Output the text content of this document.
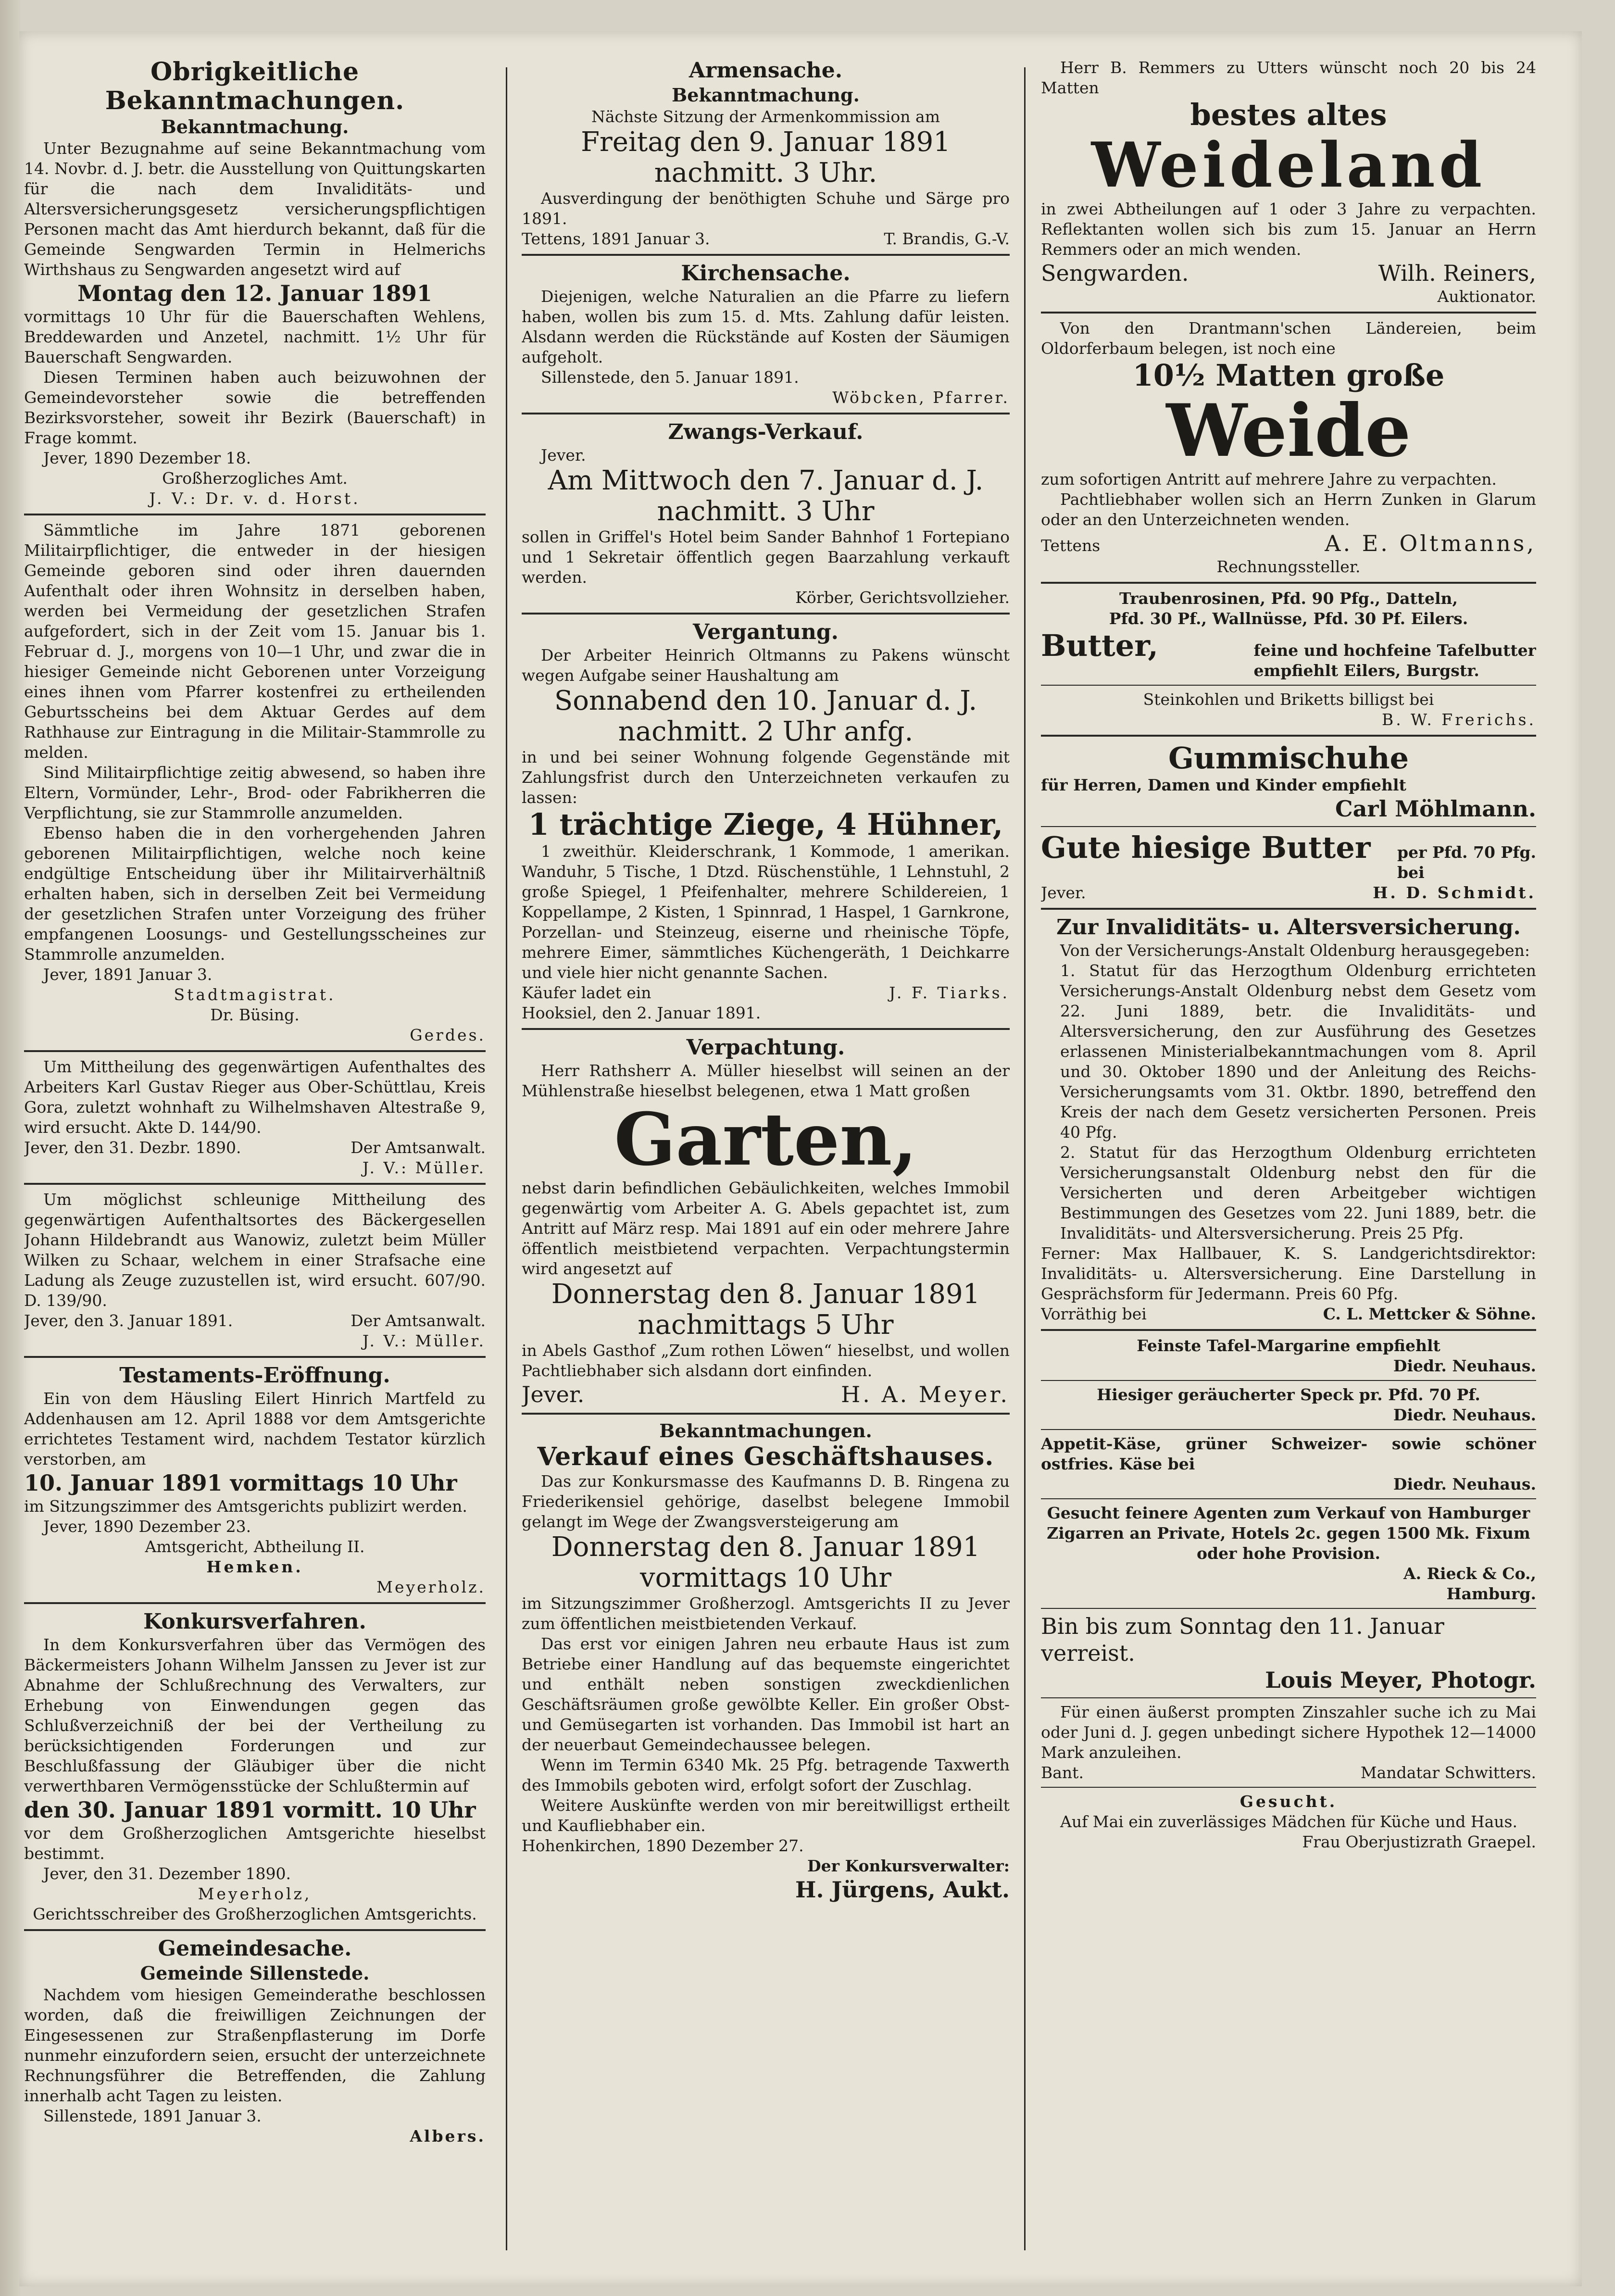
Obrigkeitliche Bekanntmachungen.
Bekanntmachung.
Unter Bezugnahme auf seine Bekanntmachung vom 14. Novbr. d. J. betr. die Ausstellung von Quittungskarten für die nach dem Invaliditäts- und Altersversicherungsgesetz versicherungspflichtigen Personen macht das Amt hierdurch bekannt, daß für die Gemeinde Sengwarden Termin in Helmerichs Wirthshaus zu Sengwarden angesetzt wird auf
Montag den 12. Januar 1891
vormittags 10 Uhr für die Bauerschaften Wehlens, Breddewarden und Anzetel, nachmitt. 1½ Uhr für Bauerschaft Sengwarden.
Diesen Terminen haben auch beizuwohnen der Gemeindevorsteher sowie die betreffenden Bezirksvorsteher, soweit ihr Bezirk (Bauerschaft) in Frage kommt.
Jever, 1890 Dezember 18.
Großherzogliches Amt.
J. V.: Dr. v. d. Horst.
Sämmtliche im Jahre 1871 geborenen Militairpflichtiger, die entweder in der hiesigen Gemeinde geboren sind oder ihren dauernden Aufenthalt oder ihren Wohnsitz in derselben haben, werden bei Vermeidung der gesetzlichen Strafen aufgefordert, sich in der Zeit vom 15. Januar bis 1. Februar d. J., morgens von 10—1 Uhr, und zwar die in hiesiger Gemeinde nicht Geborenen unter Vorzeigung eines ihnen vom Pfarrer kostenfrei zu ertheilenden Geburtsscheins bei dem Aktuar Gerdes auf dem Rathhause zur Eintragung in die Militair-Stammrolle zu melden.
Sind Militairpflichtige zeitig abwesend, so haben ihre Eltern, Vormünder, Lehr-, Brod- oder Fabrikherren die Verpflichtung, sie zur Stammrolle anzumelden.
Ebenso haben die in den vorhergehenden Jahren geborenen Militairpflichtigen, welche noch keine endgültige Entscheidung über ihr Militairverhältniß erhalten haben, sich in derselben Zeit bei Vermeidung der gesetzlichen Strafen unter Vorzeigung des früher empfangenen Loosungs- und Gestellungsscheines zur Stammrolle anzumelden.
Jever, 1891 Januar 3.
Stadtmagistrat.
Dr. Büsing.
Gerdes.
Um Mittheilung des gegenwärtigen Aufenthaltes des Arbeiters Karl Gustav Rieger aus Ober-Schüttlau, Kreis Gora, zuletzt wohnhaft zu Wilhelmshaven Altestraße 9, wird ersucht. Akte D. 144/90.
Jever, den 31. Dezbr. 1890.	Der Amtsanwalt.
J. V.: Müller.
Um möglichst schleunige Mittheilung des gegenwärtigen Aufenthaltsortes des Bäckergesellen Johann Hildebrandt aus Wanowiz, zuletzt beim Müller Wilken zu Schaar, welchem in einer Strafsache eine Ladung als Zeuge zuzustellen ist, wird ersucht. 607/90. D. 139/90.
Jever, den 3. Januar 1891.	Der Amtsanwalt.
J. V.: Müller.
Testaments-Eröffnung.
Ein von dem Häusling Eilert Hinrich Martfeld zu Addenhausen am 12. April 1888 vor dem Amtsgerichte errichtetes Testament wird, nachdem Testator kürzlich verstorben, am
10. Januar 1891 vormittags 10 Uhr
im Sitzungszimmer des Amtsgerichts publizirt werden.
Jever, 1890 Dezember 23.
Amtsgericht, Abtheilung II.
Hemken.
Meyerholz.
Konkursverfahren.
In dem Konkursverfahren über das Vermögen des Bäckermeisters Johann Wilhelm Janssen zu Jever ist zur Abnahme der Schlußrechnung des Verwalters, zur Erhebung von Einwendungen gegen das Schlußverzeichniß der bei der Vertheilung zu berücksichtigenden Forderungen und zur Beschlußfassung der Gläubiger über die nicht verwerthbaren Vermögensstücke der Schlußtermin auf
den 30. Januar 1891 vormitt. 10 Uhr
vor dem Großherzoglichen Amtsgerichte hieselbst bestimmt.
Jever, den 31. Dezember 1890.
Meyerholz,
Gerichtsschreiber des Großherzoglichen Amtsgerichts.
Gemeindesache.
Gemeinde Sillenstede.
Nachdem vom hiesigen Gemeinderathe beschlossen worden, daß die freiwilligen Zeichnungen der Eingesessenen zur Straßenpflasterung im Dorfe nunmehr einzufordern seien, ersucht der unterzeichnete Rechnungsführer die Betreffenden, die Zahlung innerhalb acht Tagen zu leisten.
Sillenstede, 1891 Januar 3.
Albers.
Armensache.
Bekanntmachung.
Nächste Sitzung der Armenkommission am
Freitag den 9. Januar 1891
nachmitt. 3 Uhr.
Ausverdingung der benöthigten Schuhe und Särge pro 1891.
Tettens, 1891 Januar 3.	T. Brandis, G.-V.
Kirchensache.
Diejenigen, welche Naturalien an die Pfarre zu liefern haben, wollen bis zum 15. d. Mts. Zahlung dafür leisten. Alsdann werden die Rückstände auf Kosten der Säumigen aufgeholt.
Sillenstede, den 5. Januar 1891.
Wöbcken, Pfarrer.
Zwangs-Verkauf.
Jever.
Am Mittwoch den 7. Januar d. J.
nachmitt. 3 Uhr
sollen in Griffel's Hotel beim Sander Bahnhof 1 Fortepiano und 1 Sekretair öffentlich gegen Baarzahlung verkauft werden.
Körber, Gerichtsvollzieher.
Vergantung.
Der Arbeiter Heinrich Oltmanns zu Pakens wünscht wegen Aufgabe seiner Haushaltung am
Sonnabend den 10. Januar d. J.
nachmitt. 2 Uhr anfg.
in und bei seiner Wohnung folgende Gegenstände mit Zahlungsfrist durch den Unterzeichneten verkaufen zu lassen:
1 trächtige Ziege, 4 Hühner,
1 zweithür. Kleiderschrank, 1 Kommode, 1 amerikan. Wanduhr, 5 Tische, 1 Dtzd. Rüschenstühle, 1 Lehnstuhl, 2 große Spiegel, 1 Pfeifenhalter, mehrere Schildereien, 1 Koppellampe, 2 Kisten, 1 Spinnrad, 1 Haspel, 1 Garnkrone, Porzellan- und Steinzeug, eiserne und rheinische Töpfe, mehrere Eimer, sämmtliches Küchengeräth, 1 Deichkarre und viele hier nicht genannte Sachen.
Käufer ladet ein	J. F. Tiarks.
Hooksiel, den 2. Januar 1891.
Verpachtung.
Herr Rathsherr A. Müller hieselbst will seinen an der Mühlenstraße hieselbst belegenen, etwa 1 Matt großen
Garten,
nebst darin befindlichen Gebäulichkeiten, welches Immobil gegenwärtig vom Arbeiter A. G. Abels gepachtet ist, zum Antritt auf März resp. Mai 1891 auf ein oder mehrere Jahre öffentlich meistbietend verpachten. Verpachtungstermin wird angesetzt auf
Donnerstag den 8. Januar 1891
nachmittags 5 Uhr
in Abels Gasthof „Zum rothen Löwen“ hieselbst, und wollen Pachtliebhaber sich alsdann dort einfinden.
Jever.	H. A. Meyer.
Bekanntmachungen.
Verkauf eines Geschäftshauses.
Das zur Konkursmasse des Kaufmanns D. B. Ringena zu Friederikensiel gehörige, daselbst belegene Immobil gelangt im Wege der Zwangsversteigerung am
Donnerstag den 8. Januar 1891
vormittags 10 Uhr
im Sitzungszimmer Großherzogl. Amtsgerichts II zu Jever zum öffentlichen meistbietenden Verkauf.
Das erst vor einigen Jahren neu erbaute Haus ist zum Betriebe einer Handlung auf das bequemste eingerichtet und enthält neben sonstigen zweckdienlichen Geschäftsräumen große gewölbte Keller. Ein großer Obst- und Gemüsegarten ist vorhanden. Das Immobil ist hart an der neuerbaut Gemeindechaussee belegen.
Wenn im Termin 6340 Mk. 25 Pfg. betragende Taxwerth des Immobils geboten wird, erfolgt sofort der Zuschlag.
Weitere Auskünfte werden von mir bereitwilligst ertheilt und Kaufliebhaber ein.
Hohenkirchen, 1890 Dezember 27.
Der Konkursverwalter:
H. Jürgens, Aukt.
Herr B. Remmers zu Utters wünscht noch 20 bis 24 Matten
bestes altes
Weideland
in zwei Abtheilungen auf 1 oder 3 Jahre zu verpachten. Reflektanten wollen sich bis zum 15. Januar an Herrn Remmers oder an mich wenden.
Sengwarden.	Wilh. Reiners,
Auktionator.
Von den Drantmann'schen Ländereien, beim Oldorferbaum belegen, ist noch eine
10½ Matten große
Weide
zum sofortigen Antritt auf mehrere Jahre zu verpachten.
Pachtliebhaber wollen sich an Herrn Zunken in Glarum oder an den Unterzeichneten wenden.
Tettens	A. E. Oltmanns,
Rechnungssteller.
Traubenrosinen, Pfd. 90 Pfg., Datteln,
Pfd. 30 Pf., Wallnüsse, Pfd. 30 Pf. Eilers.
Butter,	feine und hochfeine Tafelbutter
empfiehlt Eilers, Burgstr.
Steinkohlen und Briketts billigst bei
B. W. Frerichs.
Gummischuhe
für Herren, Damen und Kinder empfiehlt
Carl Möhlmann.
Gute hiesige Butter per Pfd. 70 Pfg.
bei
Jever.	H. D. Schmidt.
Zur Invaliditäts- u. Altersversicherung.
Von der Versicherungs-Anstalt Oldenburg herausgegeben:
1. Statut für das Herzogthum Oldenburg errichteten Versicherungs-Anstalt Oldenburg nebst dem Gesetz vom 22. Juni 1889, betr. die Invaliditäts- und Altersversicherung, den zur Ausführung des Gesetzes erlassenen Ministerialbekanntmachungen vom 8. April und 30. Oktober 1890 und der Anleitung des Reichs-Versicherungsamts vom 31. Oktbr. 1890, betreffend den Kreis der nach dem Gesetz versicherten Personen. Preis 40 Pfg.
2. Statut für das Herzogthum Oldenburg errichteten Versicherungsanstalt Oldenburg nebst den für die Versicherten und deren Arbeitgeber wichtigen Bestimmungen des Gesetzes vom 22. Juni 1889, betr. die Invaliditäts- und Altersversicherung. Preis 25 Pfg.
Ferner: Max Hallbauer, K. S. Landgerichtsdirektor: Invaliditäts- u. Altersversicherung. Eine Darstellung in Gesprächsform für Jedermann. Preis 60 Pfg.
Vorräthig bei	C. L. Mettcker & Söhne.
Feinste Tafel-Margarine empfiehlt
Diedr. Neuhaus.
Hiesiger geräucherter Speck pr. Pfd. 70 Pf.
Diedr. Neuhaus.
Appetit-Käse, grüner Schweizer- sowie schöner ostfries. Käse bei
Diedr. Neuhaus.
Gesucht feinere Agenten zum Verkauf von Hamburger Zigarren an Private, Hotels 2c. gegen 1500 Mk. Fixum oder hohe Provision.
A. Rieck & Co.,
Hamburg.
Bin bis zum Sonntag den 11. Januar verreist.
Louis Meyer, Photogr.
Für einen äußerst prompten Zinszahler suche ich zu Mai oder Juni d. J. gegen unbedingt sichere Hypothek 12—14000 Mark anzuleihen.
Bant.	Mandatar Schwitters.
Gesucht.
Auf Mai ein zuverlässiges Mädchen für Küche und Haus.
Frau Oberjustizrath Graepel.
